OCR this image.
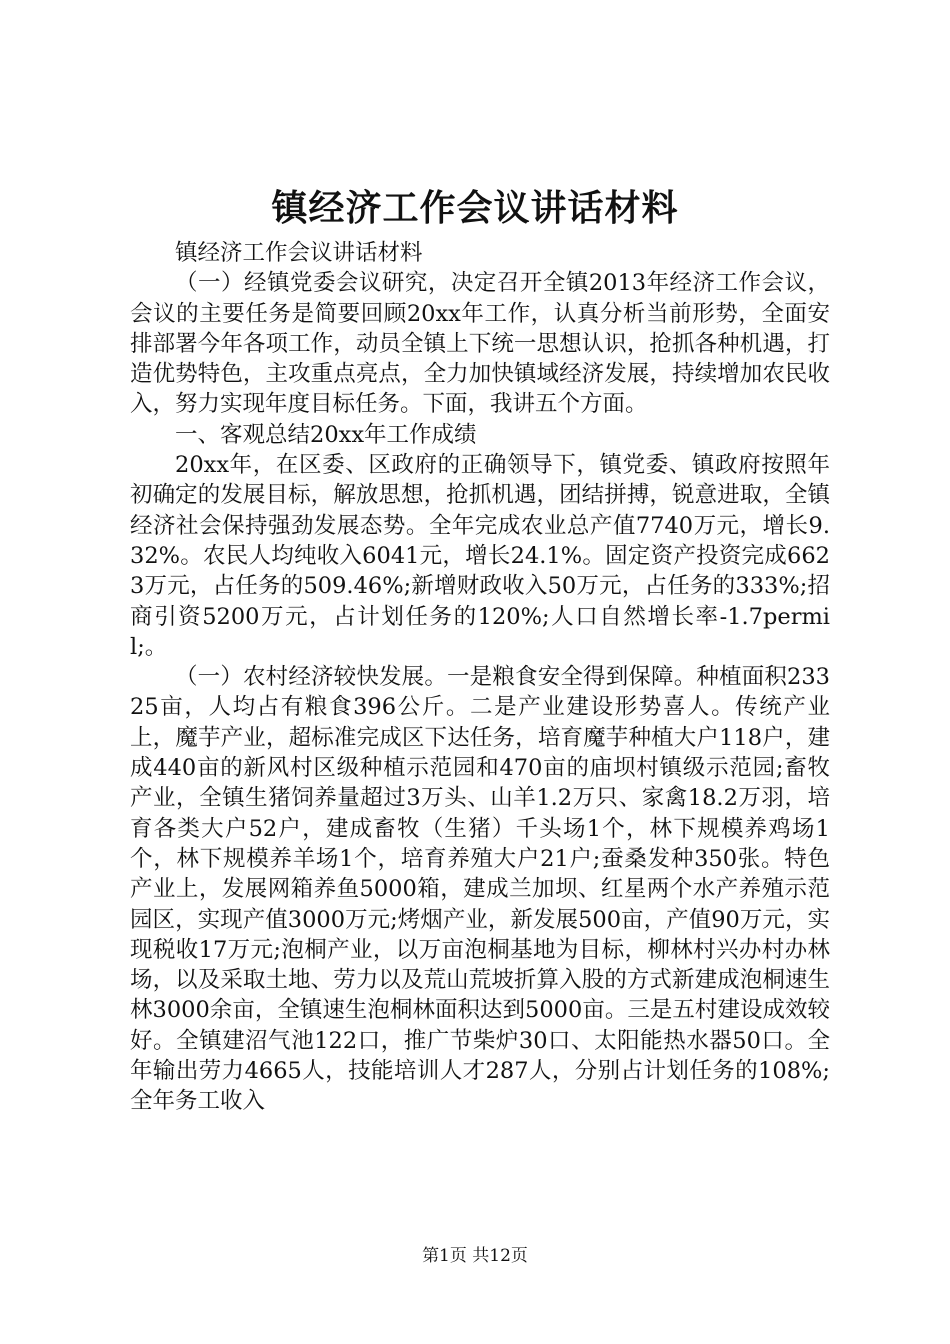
镇经济工作会议讲话材料

镇经济工作会议讲话材料

（一）经镇党委会议研究，决定召开全镇2013年经济工作会议，会议的主要任务是简要回顾20xx年工作，认真分析当前形势，全面安排部署今年各项工作，动员全镇上下统一思想认识，抢抓各种机遇，打造优势特色，主攻重点亮点，全力加快镇域经济发展，持续增加农民收入，努力实现年度目标任务。下面，我讲五个方面。

一、客观总结20xx年工作成绩

20xx年，在区委、区政府的正确领导下，镇党委、镇政府按照年初确定的发展目标，解放思想，抢抓机遇，团结拼搏，锐意进取，全镇经济社会保持强劲发展态势。全年完成农业总产值7740万元，增长9.32%。农民人均纯收入6041元，增长24.1%。固定资产投资完成6623万元，占任务的509.46%;新增财政收入50万元，占任务的333%;招商引资5200万元，占计划任务的120%;人口自然增长率-1.7permil;。

（一）农村经济较快发展。一是粮食安全得到保障。种植面积23325亩，人均占有粮食396公斤。二是产业建设形势喜人。传统产业上，魔芋产业，超标准完成区下达任务，培育魔芋种植大户118户，建成440亩的新风村区级种植示范园和470亩的庙坝村镇级示范园;畜牧产业，全镇生猪饲养量超过3万头、山羊1.2万只、家禽18.2万羽，培育各类大户52户，建成畜牧（生猪）千头场1个，林下规模养鸡场1个，林下规模养羊场1个，培育养殖大户21户;蚕桑发种350张。特色产业上，发展网箱养鱼5000箱，建成兰加坝、红星两个水产养殖示范园区，实现产值3000万元;烤烟产业，新发展500亩，产值90万元，实现税收17万元;泡桐产业，以万亩泡桐基地为目标，柳林村兴办村办林场，以及采取土地、劳力以及荒山荒坡折算入股的方式新建成泡桐速生林3000余亩，全镇速生泡桐林面积达到5000亩。三是五村建设成效较好。全镇建沼气池122口，推广节柴炉30口、太阳能热水器50口。全年输出劳力4665人，技能培训人才287人，分别占计划任务的108%;全年务工收入

第1页 共12页
